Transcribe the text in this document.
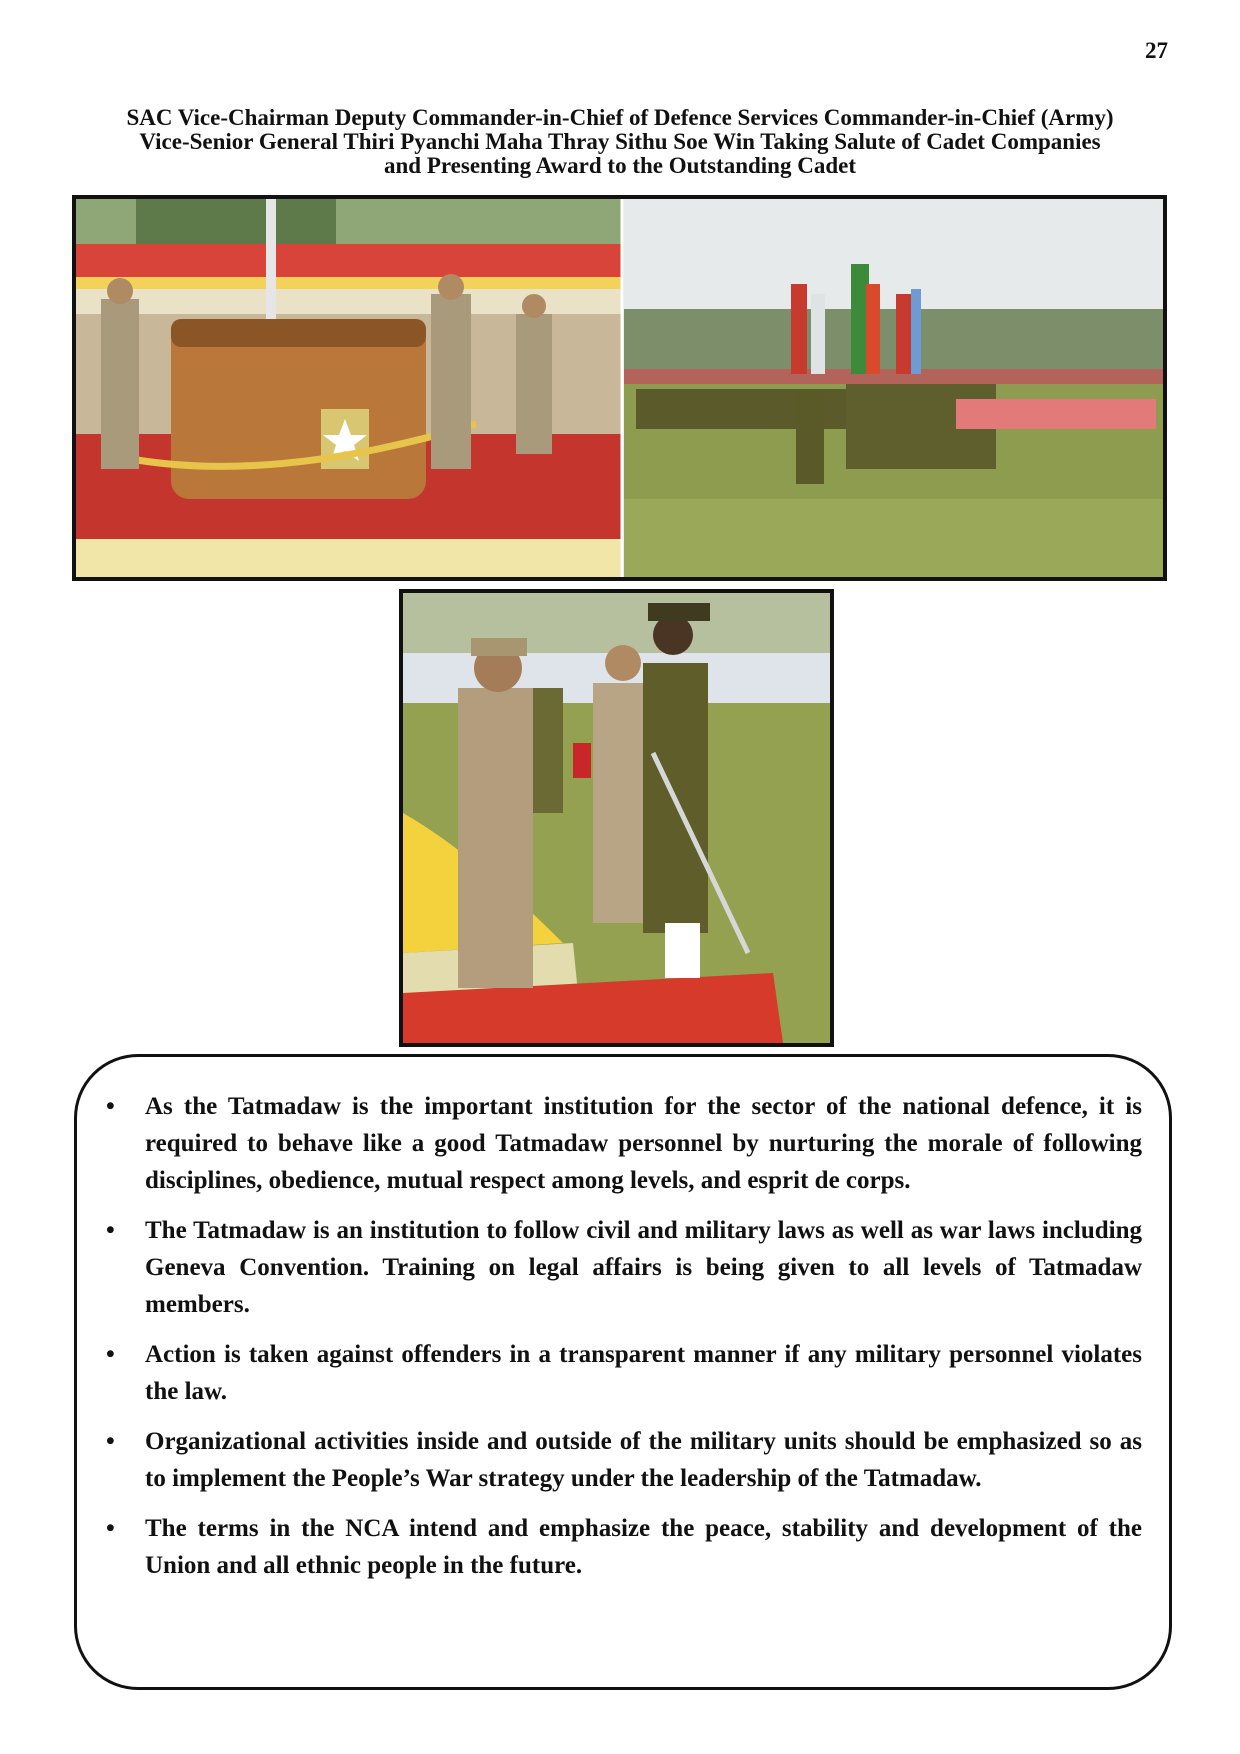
27
SAC Vice-Chairman Deputy Commander-in-Chief of Defence Services Commander-in-Chief (Army)
Vice-Senior General Thiri Pyanchi Maha Thray Sithu Soe Win Taking Salute of Cadet Companies
and Presenting Award to the Outstanding Cadet
• As the Tatmadaw is the important institution for the sector of the national defence, it is required to behave like a good Tatmadaw personnel by nurturing the morale of following disciplines, obedience, mutual respect among levels, and esprit de corps.
• The Tatmadaw is an institution to follow civil and military laws as well as war laws including Geneva Convention. Training on legal affairs is being given to all levels of Tatmadaw members.
• Action is taken against offenders in a transparent manner if any military personnel violates the law.
• Organizational activities inside and outside of the military units should be emphasized so as to implement the People’s War strategy under the leadership of the Tatmadaw.
• The terms in the NCA intend and emphasize the peace, stability and development of the Union and all ethnic people in the future.
